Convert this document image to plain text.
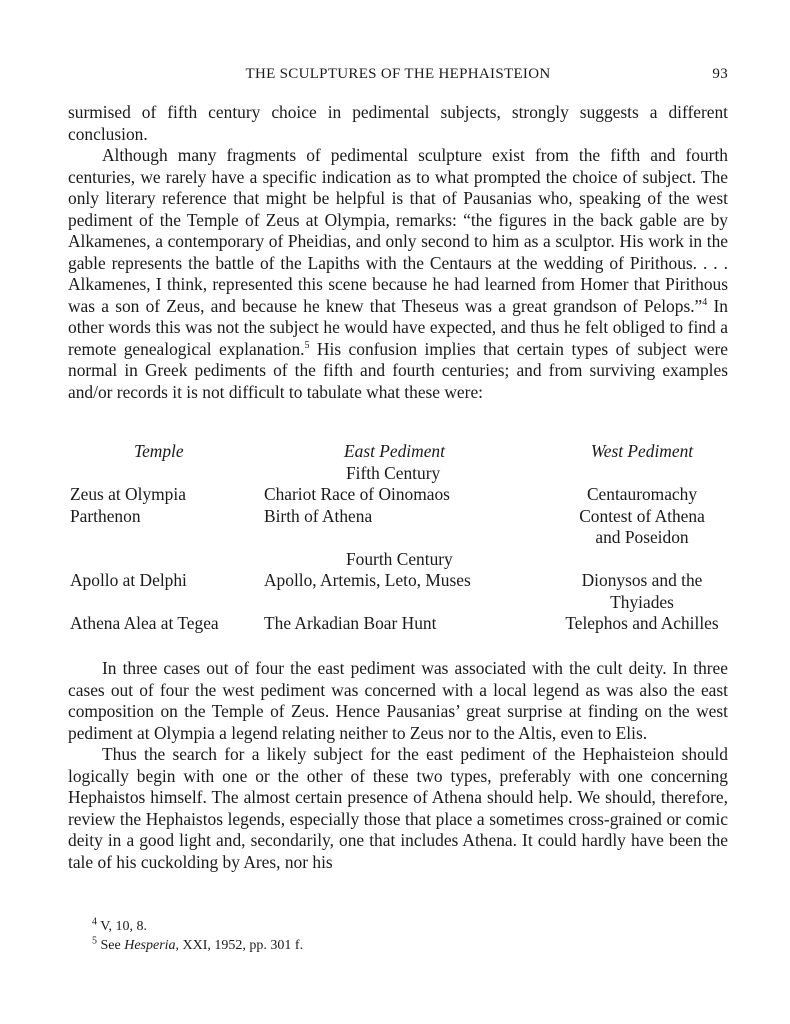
THE SCULPTURES OF THE HEPHAISTEION	93

surmised of fifth century choice in pedimental subjects, strongly suggests a different conclusion.

Although many fragments of pedimental sculpture exist from the fifth and fourth centuries, we rarely have a specific indication as to what prompted the choice of subject. The only literary reference that might be helpful is that of Pausanias who, speaking of the west pediment of the Temple of Zeus at Olympia, remarks: “the figures in the back gable are by Alkamenes, a contemporary of Pheidias, and only second to him as a sculptor. His work in the gable represents the battle of the Lapiths with the Centaurs at the wedding of Pirithous. . . . Alkamenes, I think, represented this scene because he had learned from Homer that Pirithous was a son of Zeus, and because he knew that Theseus was a great grandson of Pelops.”$^4$ In other words this was not the subject he would have expected, and thus he felt obliged to find a remote genealogical explanation.$^5$ His confusion implies that certain types of subject were normal in Greek pediments of the fifth and fourth centuries; and from surviving examples and/or records it is not difficult to tabulate what these were:

Temple	East Pediment	West Pediment
Fifth Century
Zeus at Olympia	Chariot Race of Oinomaos	Centauromachy
Parthenon	Birth of Athena	Contest of Athena
and Poseidon
Fourth Century
Apollo at Delphi	Apollo, Artemis, Leto, Muses	Dionysos and the
Thyiades
Athena Alea at Tegea	The Arkadian Boar Hunt	Telephos and Achilles

In three cases out of four the east pediment was associated with the cult deity. In three cases out of four the west pediment was concerned with a local legend as was also the east composition on the Temple of Zeus. Hence Pausanias’ great surprise at finding on the west pediment at Olympia a legend relating neither to Zeus nor to the Altis, even to Elis.

Thus the search for a likely subject for the east pediment of the Hephaisteion should logically begin with one or the other of these two types, preferably with one concerning Hephaistos himself. The almost certain presence of Athena should help. We should, therefore, review the Hephaistos legends, especially those that place a sometimes cross-grained or comic deity in a good light and, secondarily, one that includes Athena. It could hardly have been the tale of his cuckolding by Ares, nor his

$^4$ V, 10, 8.
$^5$ See Hesperia, XXI, 1952, pp. 301 f.
